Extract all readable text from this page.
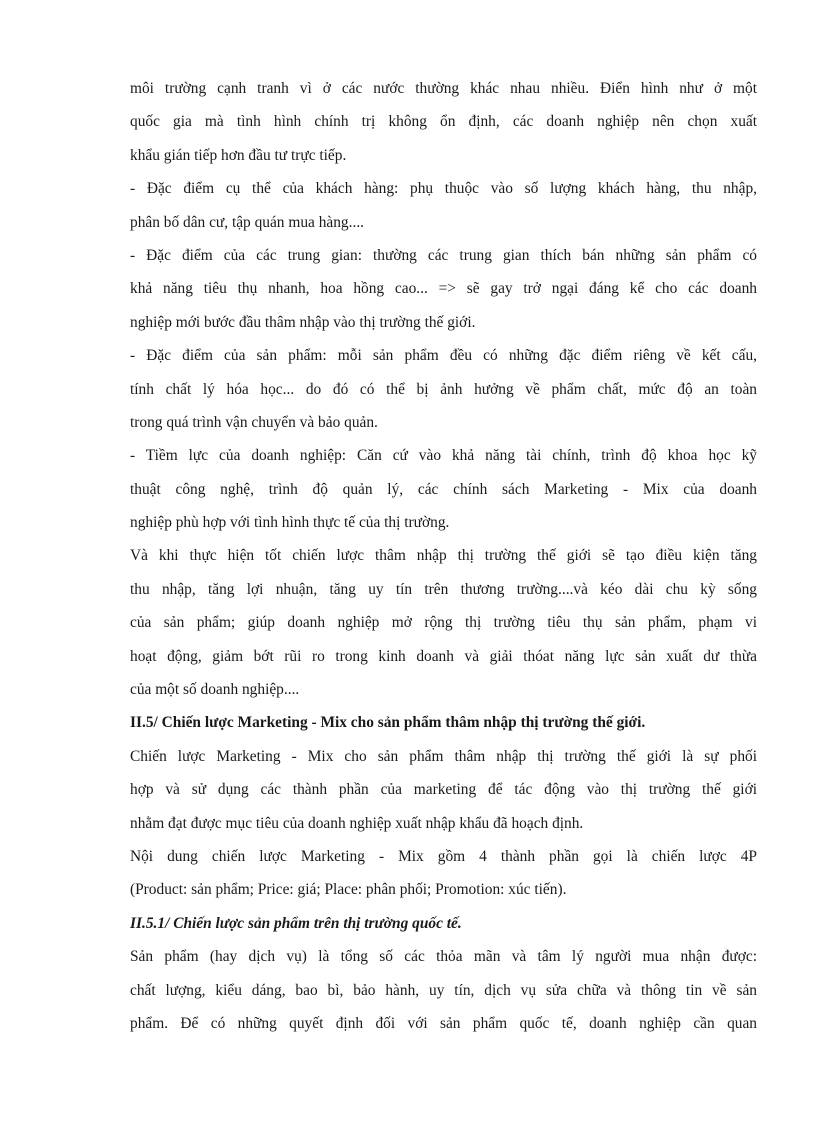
môi trường cạnh tranh vì ở các nước thường khác nhau nhiều. Điển hình như ở một
quốc gia mà tình hình chính trị không ổn định, các doanh nghiệp nên chọn xuất
khẩu gián tiếp hơn đầu tư trực tiếp.
- Đặc điểm cụ thể của khách hàng: phụ thuộc vào số lượng khách hàng, thu nhập,
phân bố dân cư, tập quán mua hàng....
- Đặc điểm của các trung gian: thường các trung gian thích bán những sản phẩm có
khả năng tiêu thụ nhanh, hoa hồng cao... => sẽ gay trở ngại đáng kể cho các doanh
nghiệp mới bước đầu thâm nhập vào thị trường thế giới.
- Đặc điểm của sản phẩm: mỗi sản phẩm đều có những đặc điểm riêng về kết cấu,
tính chất lý hóa học... do đó có thể bị ảnh hưởng về phẩm chất, mức độ an toàn
trong quá trình vận chuyển và bảo quản.
- Tiềm lực của doanh nghiệp: Căn cứ vào khả năng tài chính, trình độ khoa học kỹ
thuật công nghệ, trình độ quản lý, các chính sách Marketing - Mix của doanh
nghiệp phù hợp với tình hình thực tế của thị trường.
Và khi thực hiện tốt chiến lược thâm nhập thị trường thế giới sẽ tạo điều kiện tăng
thu nhập, tăng lợi nhuận, tăng uy tín trên thương trường....và kéo dài chu kỳ sống
của sản phẩm; giúp doanh nghiệp mở rộng thị trường tiêu thụ sản phẩm, phạm vi
hoạt động, giảm bớt rũi ro trong kinh doanh và giải thóat năng lực sản xuất dư thừa
của một số doanh nghiệp....
II.5/ Chiến lược Marketing - Mix cho sản phẩm thâm nhập thị trường thế giới.
Chiến lược Marketing - Mix cho sản phẩm thâm nhập thị trường thế giới là sự phối
hợp và sử dụng các thành phần của marketing để tác động vào thị trường thế giới
nhằm đạt được mục tiêu của doanh nghiệp xuất nhập khẩu đã hoạch định.
Nội dung chiến lược Marketing - Mix gồm 4 thành phần gọi là chiến lược 4P
(Product: sản phẩm; Price: giá; Place: phân phối; Promotion: xúc tiến).
II.5.1/ Chiến lược sản phẩm trên thị trường quốc tế.
Sản phẩm (hay dịch vụ) là tổng số các thỏa mãn và tâm lý người mua nhận được:
chất lượng, kiểu dáng, bao bì, bảo hành, uy tín, dịch vụ sửa chữa và thông tin về sản
phẩm. Để có những quyết định đối với sản phẩm quốc tế, doanh nghiệp cần quan
